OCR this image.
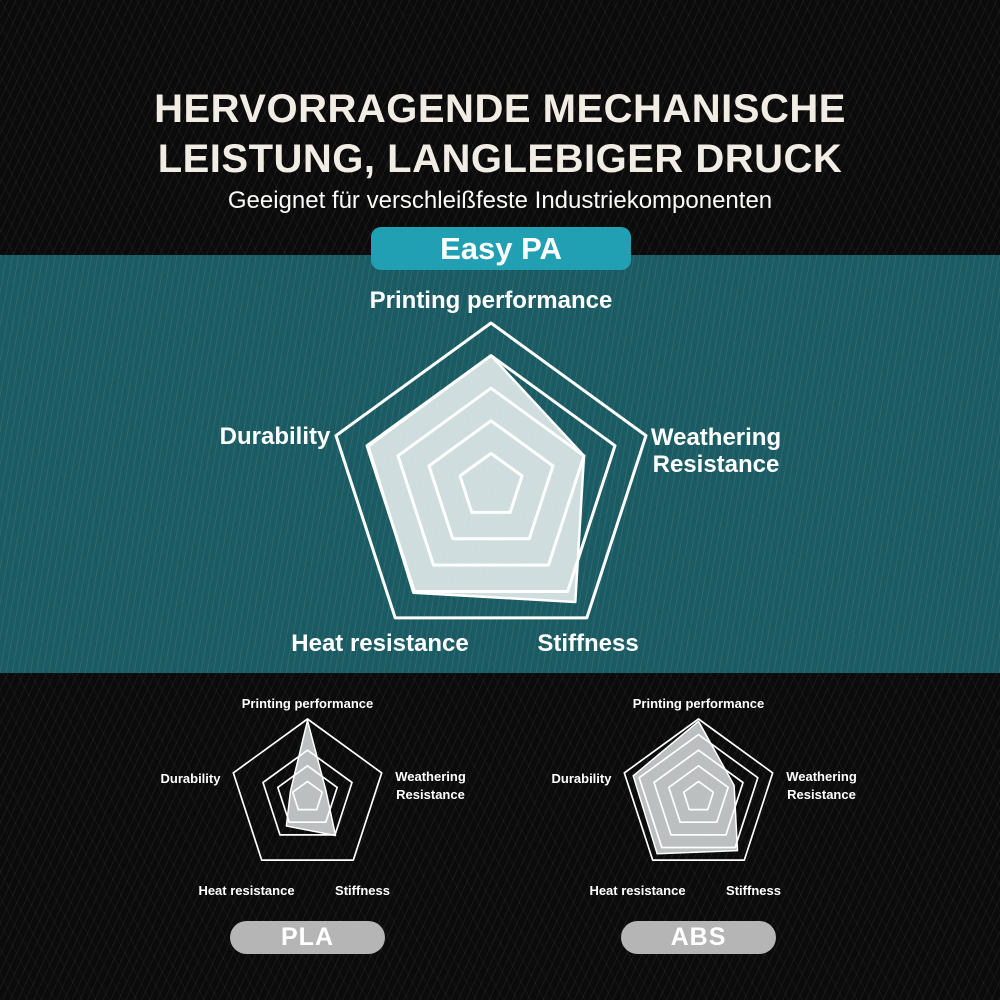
HERVORRAGENDE MECHANISCHE
LEISTUNG, LANGLEBIGER DRUCK

Geeignet für verschleißfeste Industriekomponenten

Easy PA
Printing performance
Weathering
Resistance
Stiffness
Heat resistance
Durability
Printing performance
Weathering
Resistance
Stiffness
Heat resistance
Durability
Printing performance
Weathering
Resistance
Stiffness
Heat resistance
Durability
PLA	ABS
